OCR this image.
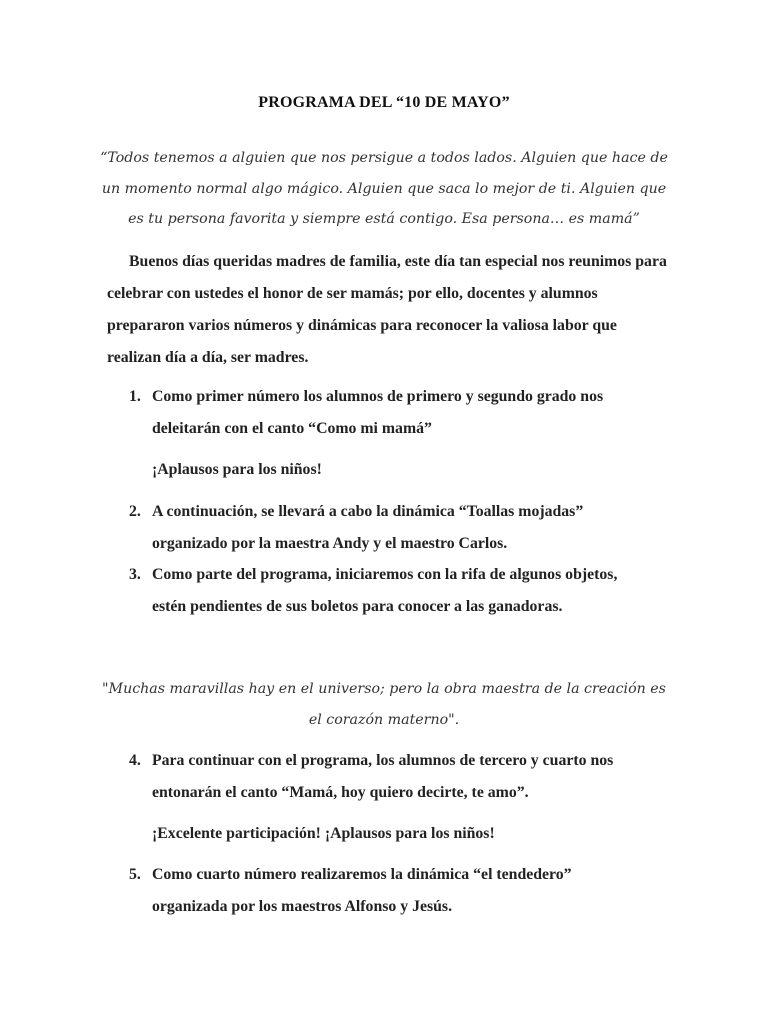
PROGRAMA DEL “10 DE MAYO”
“Todos tenemos a alguien que nos persigue a todos lados. Alguien que hace de un momento normal algo mágico. Alguien que saca lo mejor de ti. Alguien que es tu persona favorita y siempre está contigo. Esa persona… es mamá”
Buenos días queridas madres de familia, este día tan especial nos reunimos para celebrar con ustedes el honor de ser mamás; por ello, docentes y alumnos prepararon varios números y dinámicas para reconocer la valiosa labor que realizan día a día, ser madres.
1. Como primer número los alumnos de primero y segundo grado nos deleitarán con el canto “Como mi mamá”
¡Aplausos para los niños!
2. A continuación, se llevará a cabo la dinámica “Toallas mojadas” organizado por la maestra Andy y el maestro Carlos.
3. Como parte del programa, iniciaremos con la rifa de algunos objetos, estén pendientes de sus boletos para conocer a las ganadoras.
"Muchas maravillas hay en el universo; pero la obra maestra de la creación es el corazón materno".
4. Para continuar con el programa, los alumnos de tercero y cuarto nos entonarán el canto “Mamá, hoy quiero decirte, te amo”.
¡Excelente participación! ¡Aplausos para los niños!
5. Como cuarto número realizaremos la dinámica “el tendedero” organizada por los maestros Alfonso y Jesús.
